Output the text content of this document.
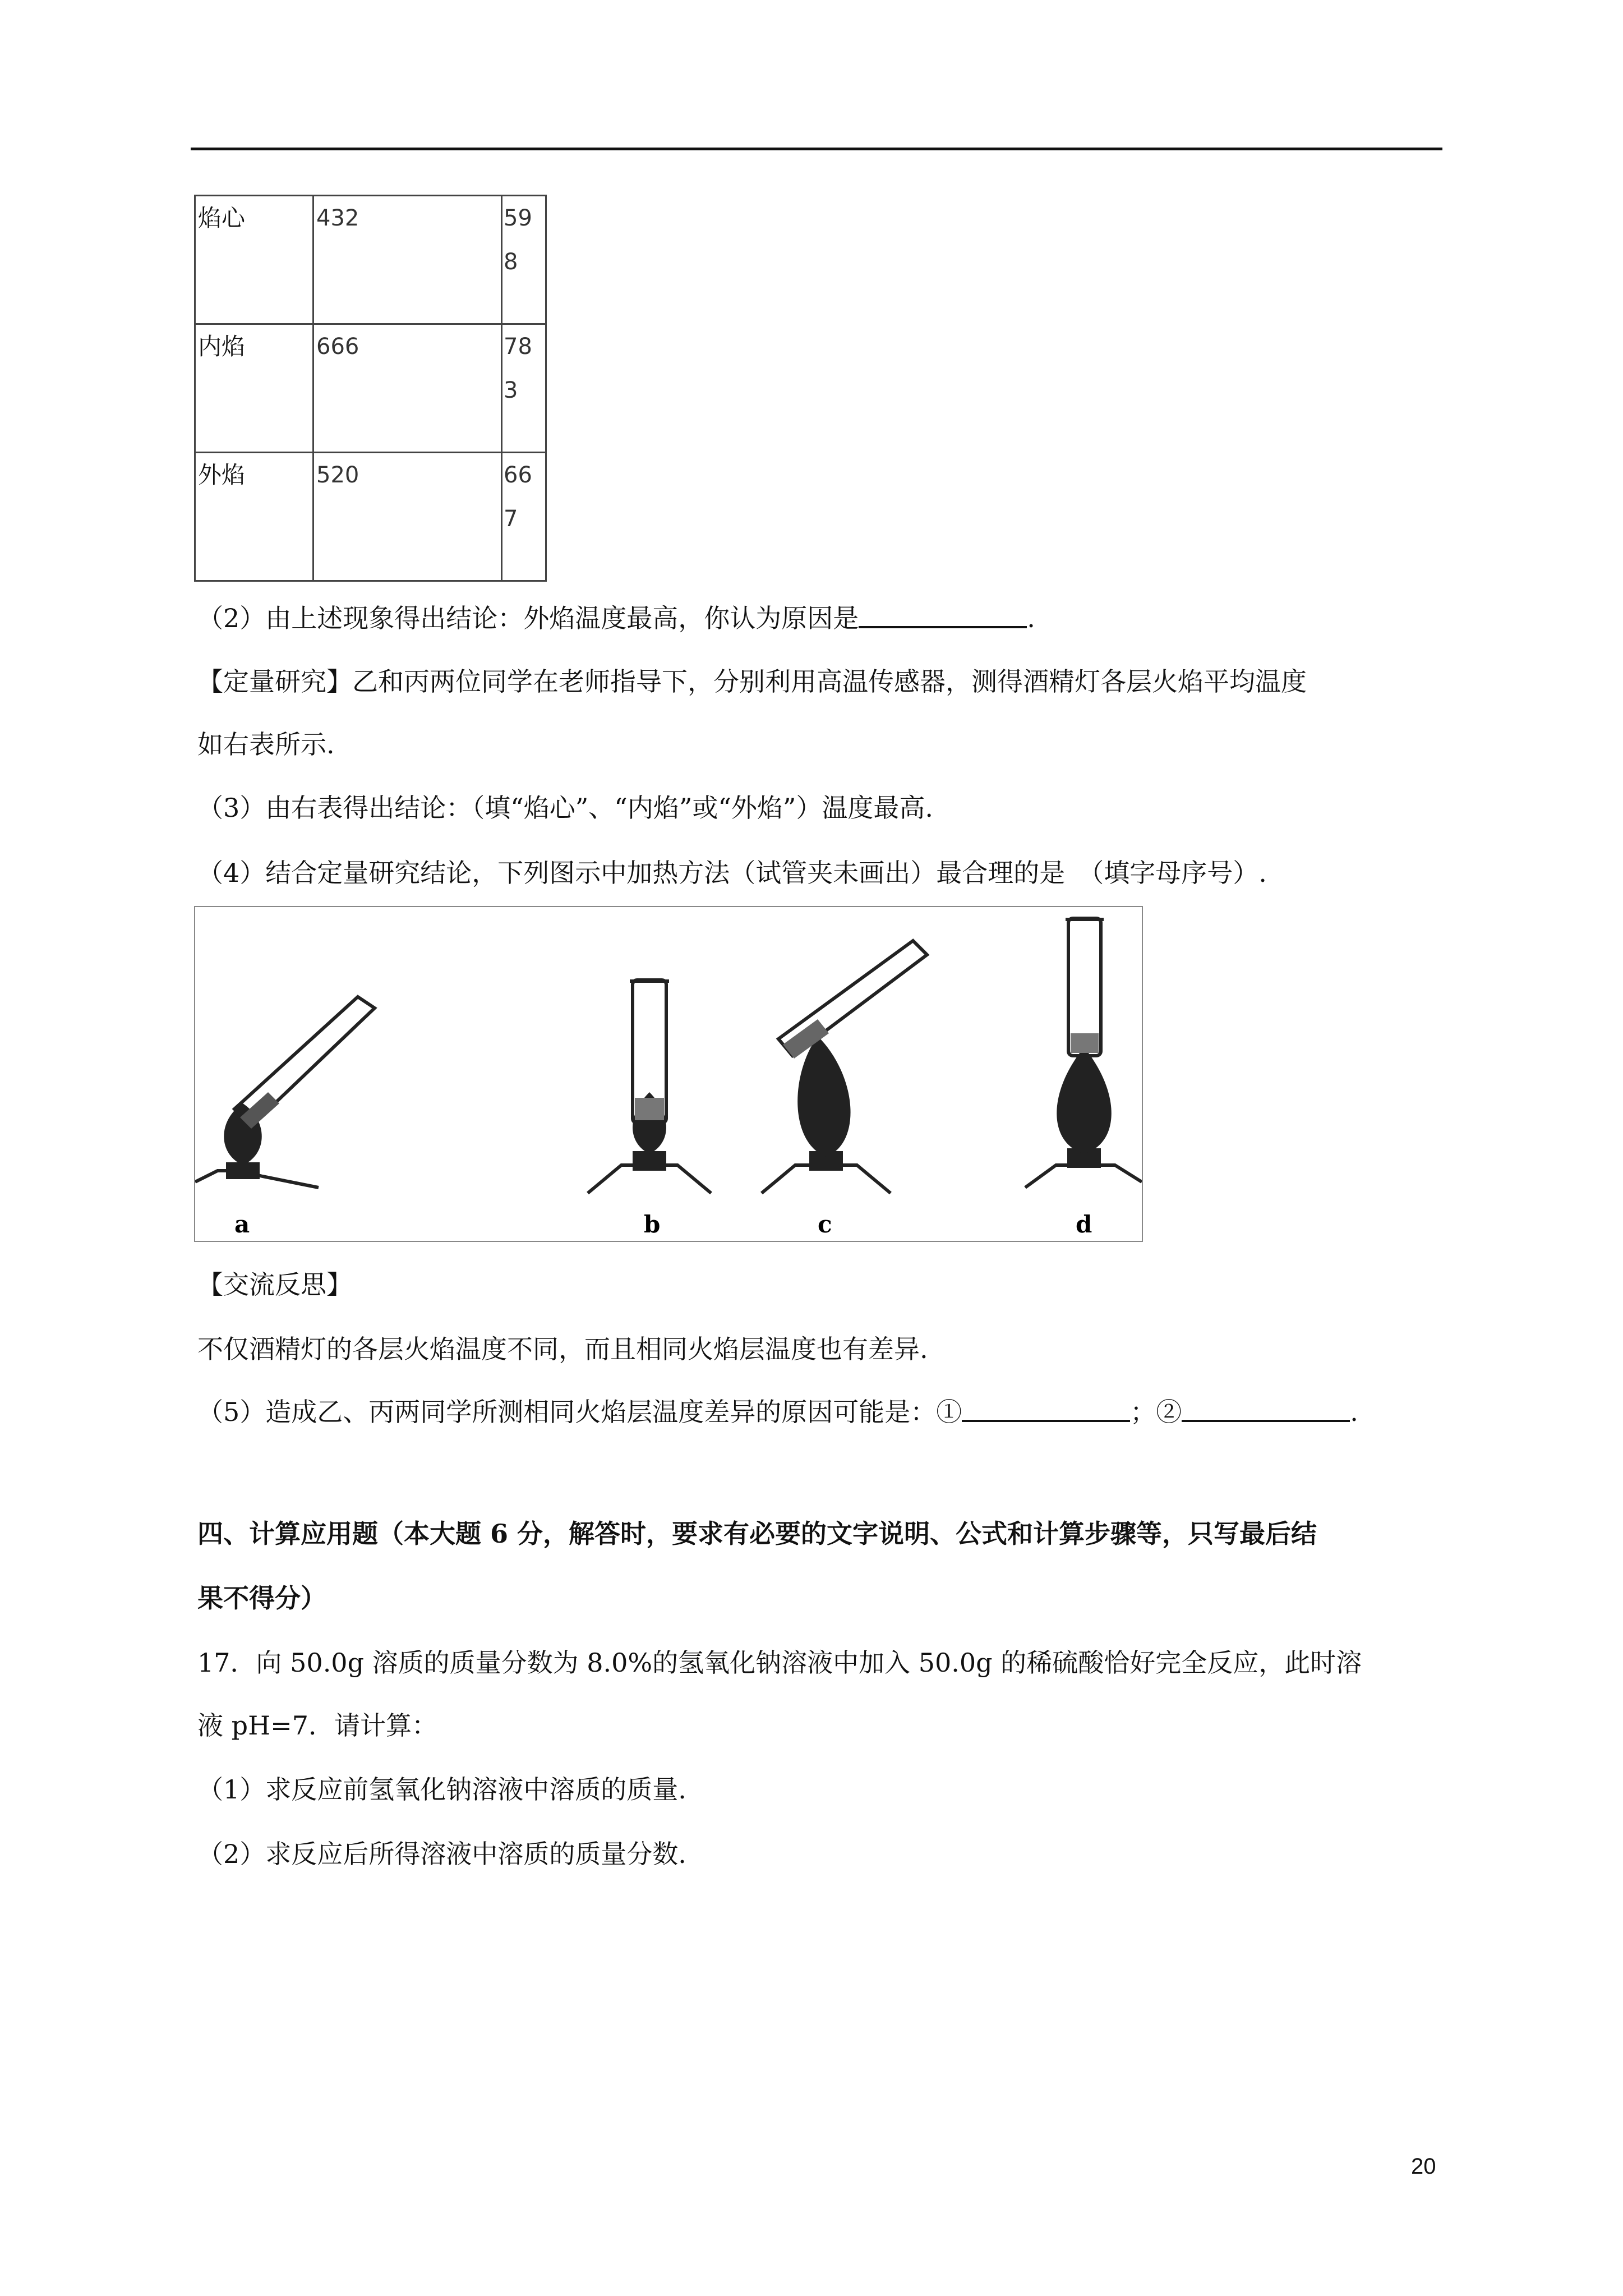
焰心	432	598

内焰	666	783

外焰	520	667
（2）由上述现象得出结论：外焰温度最高，你认为原因是	.
【定量研究】乙和丙两位同学在老师指导下，分别利用高温传感器，测得酒精灯各层火焰平均温度
如右表所示.
（3）由右表得出结论：（填“焰心”、“内焰”或“外焰”）温度最高.
（4）结合定量研究结论，下列图示中加热方法（试管夹未画出）最合理的是　（填字母序号）.
a	b	c	d
【交流反思】
不仅酒精灯的各层火焰温度不同，而且相同火焰层温度也有差异.
（5）造成乙、丙两同学所测相同火焰层温度差异的原因可能是：①	；②	.
四、计算应用题（本大题 6 分，解答时，要求有必要的文字说明、公式和计算步骤等，只写最后结
果不得分）
17．向 50.0g 溶质的质量分数为 8.0%的氢氧化钠溶液中加入 50.0g 的稀硫酸恰好完全反应，此时溶
液 pH=7．请计算：
（1）求反应前氢氧化钠溶液中溶质的质量.
（2）求反应后所得溶液中溶质的质量分数.
20
